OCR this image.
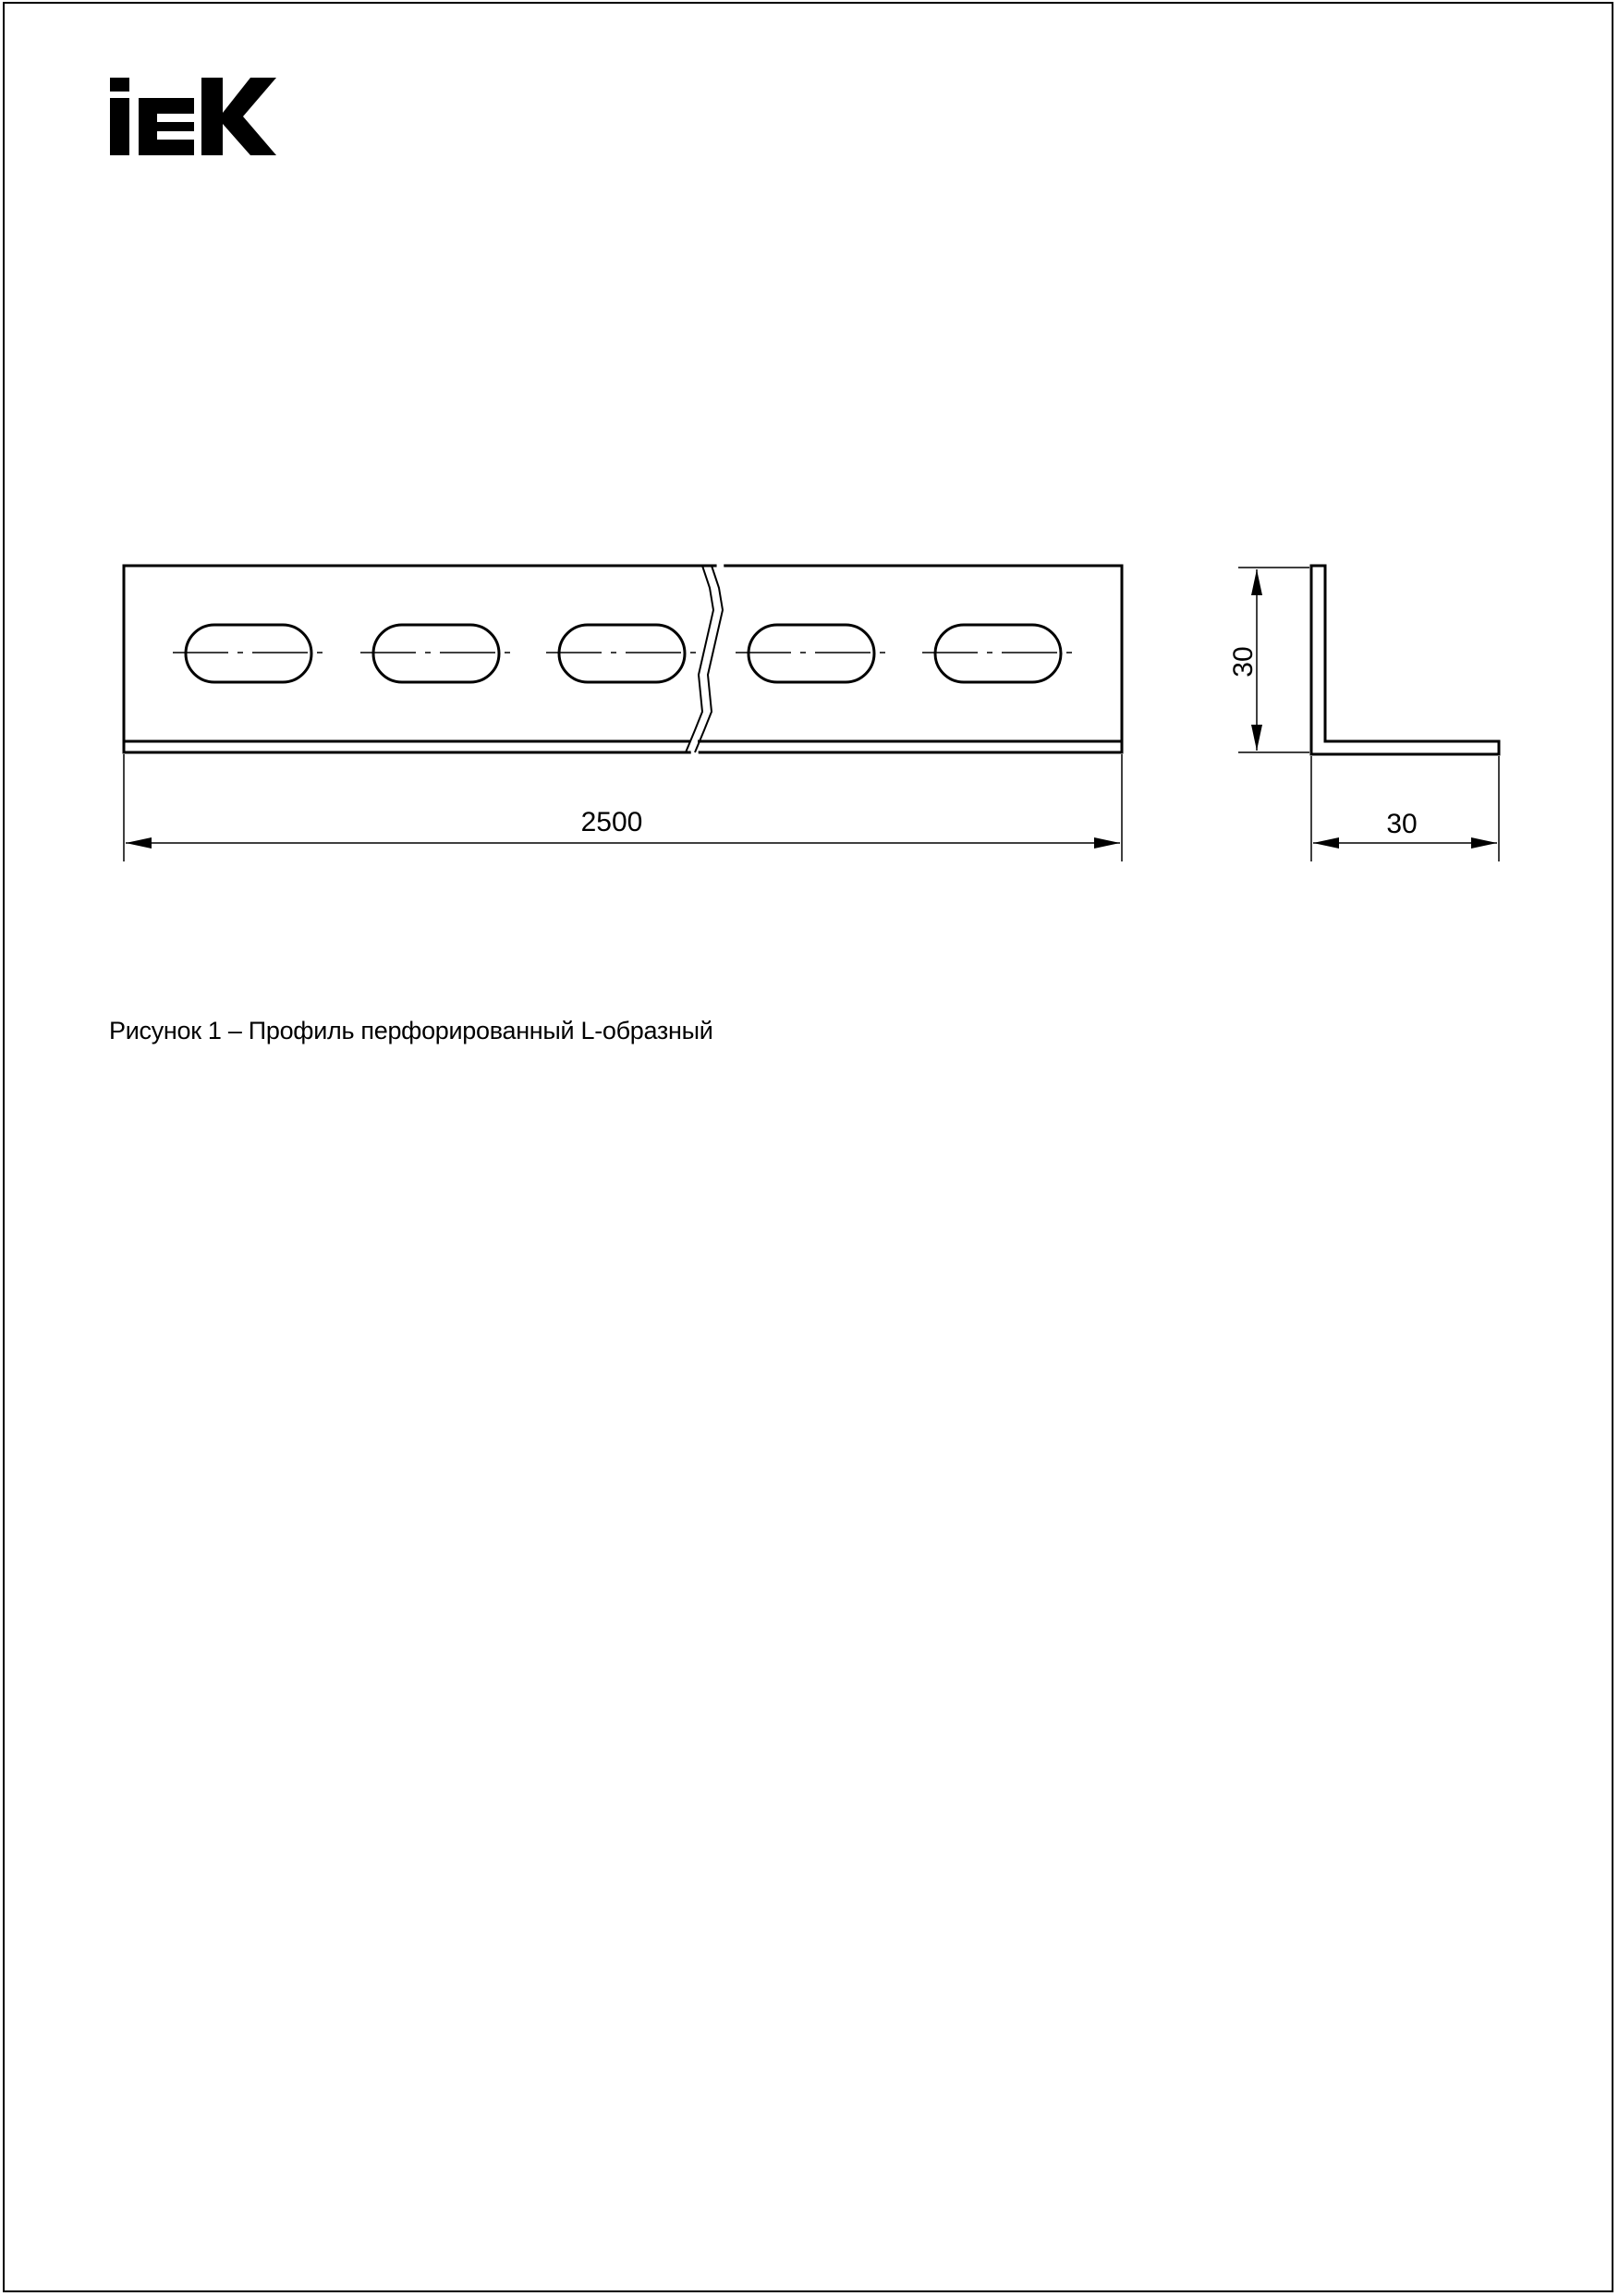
2500
30
30
Рисунок 1 – Профиль перфорированный L-образный
